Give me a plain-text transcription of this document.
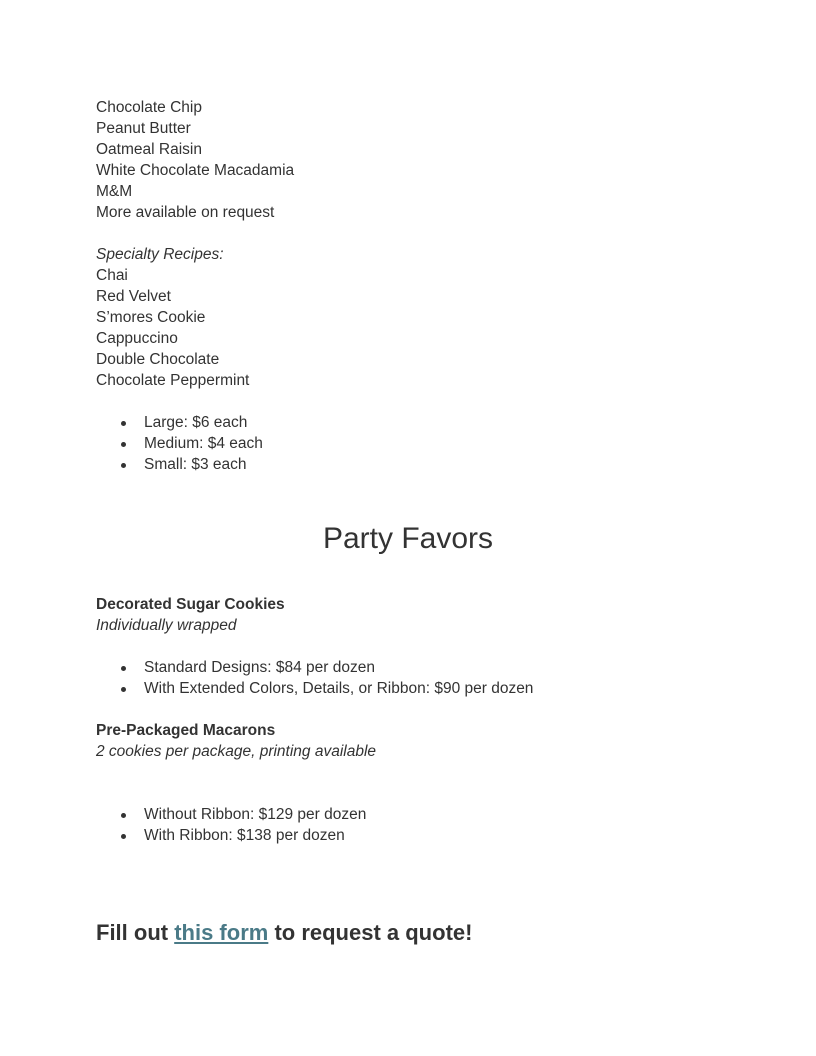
Chocolate Chip
Peanut Butter
Oatmeal Raisin
White Chocolate Macadamia
M&M
More available on request
Specialty Recipes:
Chai
Red Velvet
S’mores Cookie
Cappuccino
Double Chocolate
Chocolate Peppermint
Large: $6 each
Medium: $4 each
Small: $3 each
Party Favors
Decorated Sugar Cookies
Individually wrapped
Standard Designs: $84 per dozen
With Extended Colors, Details, or Ribbon: $90 per dozen
Pre-Packaged Macarons
2 cookies per package, printing available
Without Ribbon: $129 per dozen
With Ribbon: $138 per dozen
Fill out this form to request a quote!
